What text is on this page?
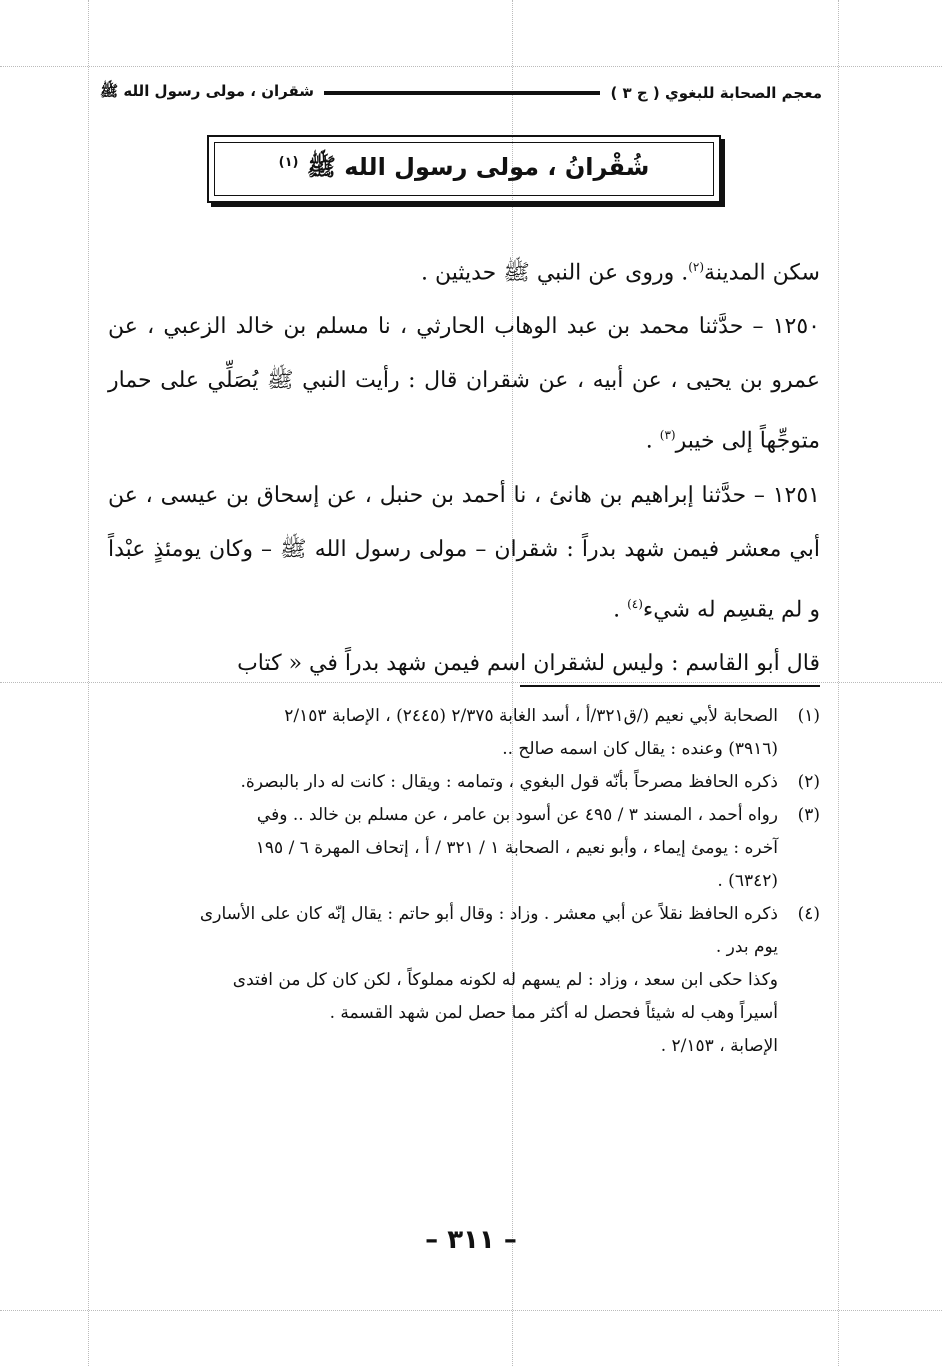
معجم الصحابة للبغوي ( ج ٣ )
شقران ، مولى رسول الله ﷺ
شُقْرانُ ، مولى رسول الله ﷺ $^{(١)}$

سكن المدينة$^{(٢)}$. وروى عن النبي ﷺ حديثين .

١٢٥٠ – حدَّثنا محمد بن عبد الوهاب الحارثي ، نا مسلم بن خالد الزعبي ، عن عمرو بن يحيى ، عن أبيه ، عن شقران قال : رأيت النبي ﷺ يُصَلِّي على حمار متوجِّهاً إلى خيبر$^{(٣)}$ .

١٢٥١ – حدَّثنا إبراهيم بن هانئ ، نا أحمد بن حنبل ، عن إسحاق بن عيسى ، عن أبي معشر فيمن شهد بدراً : شقران – مولى رسول الله ﷺ – وكان يومئذٍ عبْداً و لم يقسِم له شيء$^{(٤)}$ .

قال أبو القاسم : وليس لشقران اسم فيمن شهد بدراً في « كتاب

(١)
الصحابة لأبي نعيم (/ق٣٢١/أ ، أسد الغابة ٢/٣٧٥ (٢٤٤٥) ، الإصابة ٢/١٥٣
(٣٩١٦) وعنده : يقال كان اسمه صالح ..
(٢)
ذكره الحافظ مصرحاً بأنّه قول البغوي ، وتمامه : ويقال : كانت له دار بالبصرة.
(٣)
رواه أحمد ، المسند ٣ / ٤٩٥ عن أسود بن عامر ، عن مسلم بن خالد .. وفي
آخره : يومئ إيماء ، وأبو نعيم ، الصحابة ١ / ٣٢١ / أ ، إتحاف المهرة ٦ / ١٩٥
(٦٣٤٢) .
(٤)
ذكره الحافظ نقلاً عن أبي معشر . وزاد : وقال أبو حاتم : يقال إنّه كان على الأسارى
يوم بدر .
وكذا حكى ابن سعد ، وزاد : لم يسهم له لكونه مملوكاً ، لكن كان كل من افتدى
أسيراً وهب له شيئاً فحصل له أكثر مما حصل لمن شهد القسمة .
الإصابة ، ٢/١٥٣ .
– ٣١١ –
